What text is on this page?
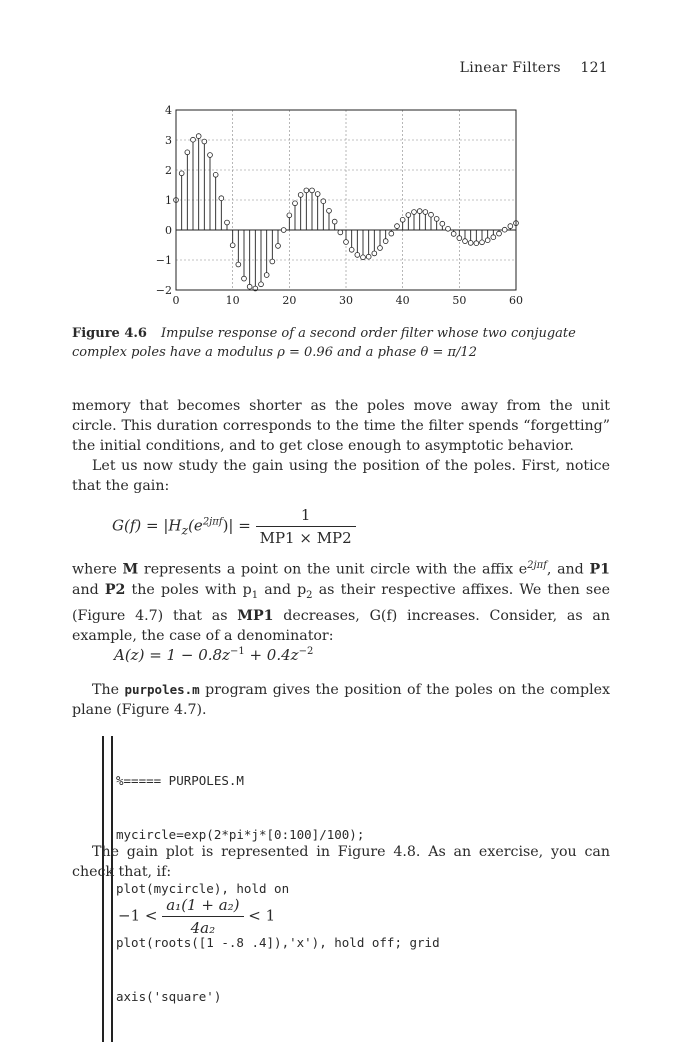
Linear Filters 121
0	10	20	30	40	50	60
4
3
2
1
0
−1
−2
Figure 4.6 Impulse response of a second order filter whose two conjugate complex poles have a modulus ρ = 0.96 and a phase θ = π/12
memory that becomes shorter as the poles move away from the unit circle. This duration corresponds to the time the filter spends “forgetting” the initial conditions, and to get close enough to asymptotic behavior.
Let us now study the gain using the position of the poles. First, notice that the gain:
$G(f) = |H_z(e^{2j\pi f})| = \frac{1}{MP1 \times MP2}$
where M represents a point on the unit circle with the affix $e^{2j\pi f}$, and P1 and P2 the poles with $p_1$ and $p_2$ as their respective affixes. We then see (Figure 4.7) that as MP1 decreases, G(f) increases. Consider, as an example, the case of a denominator:
$A(z) = 1 - 0.8z^{-1} + 0.4z^{-2}$
The purpoles.m program gives the position of the poles on the complex plane (Figure 4.7).

%===== PURPOLES.M

mycircle=exp(2*pi*j*[0:100]/100);

plot(mycircle), hold on

plot(roots([1 -.8 .4]),'x'), hold off; grid

axis('square')

The gain plot is represented in Figure 4.8. As an exercise, you can check that, if:
$-1 < \frac{\text{a₁(1 + a₂)}}{\text{4a₂}} < 1$
